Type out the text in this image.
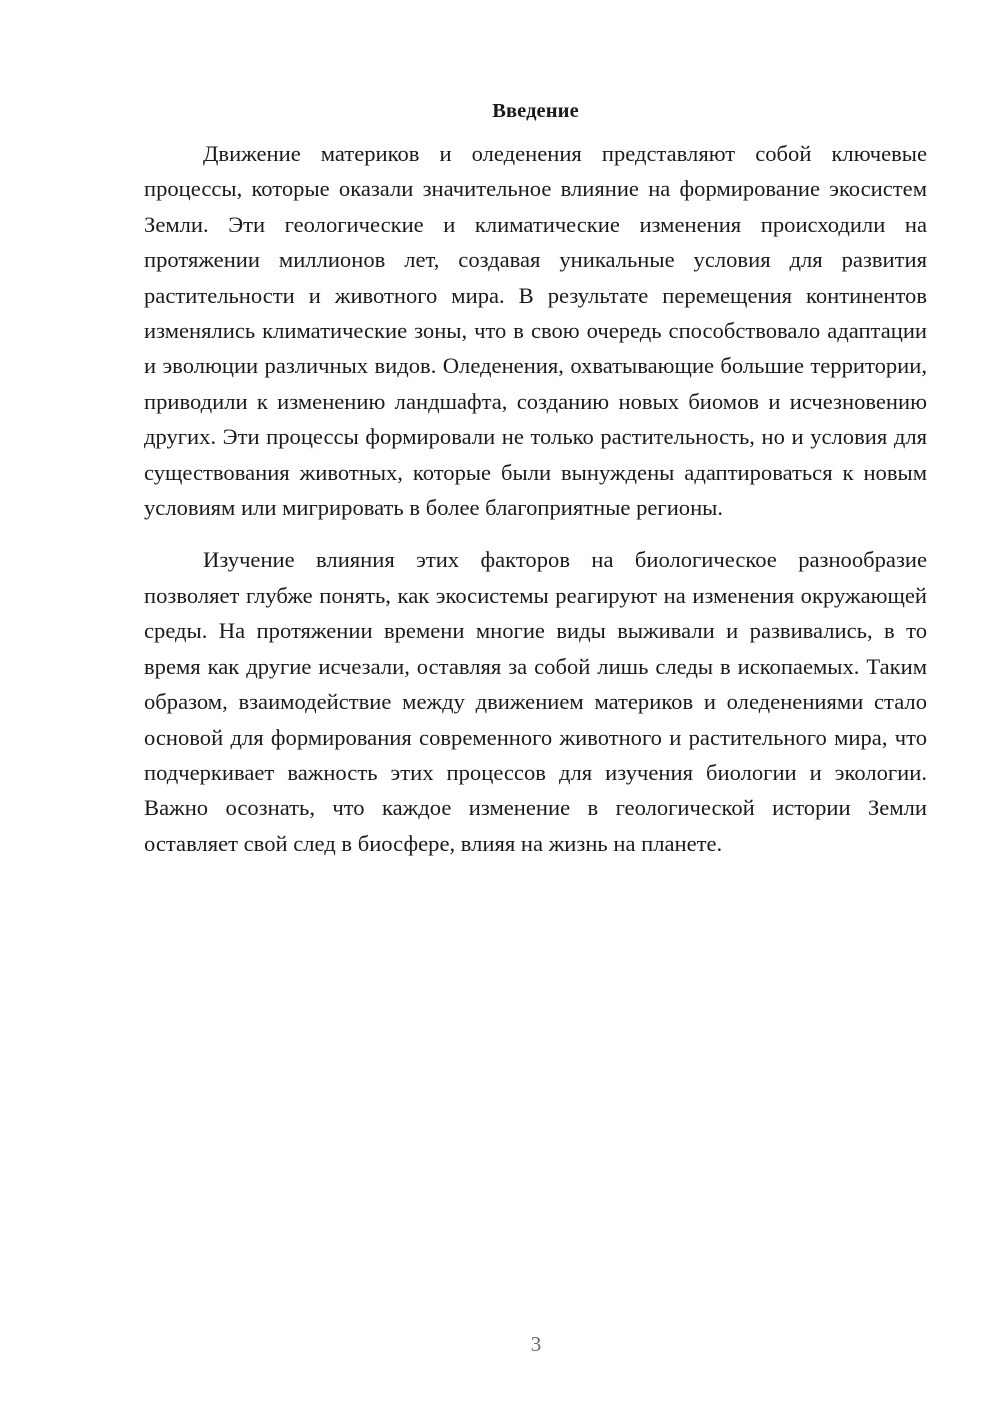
Введение

Движение материков и оледенения представляют собой ключевые процессы, которые оказали значительное влияние на формирование экосистем Земли. Эти геологические и климатические изменения происходили на протяжении миллионов лет, создавая уникальные условия для развития растительности и животного мира. В результате перемещения континентов изменялись климатические зоны, что в свою очередь способствовало адаптации и эволюции различных видов. Оледенения, охватывающие большие территории, приводили к изменению ландшафта, созданию новых биомов и исчезновению других. Эти процессы формировали не только растительность, но и условия для существования животных, которые были вынуждены адаптироваться к новым условиям или мигрировать в более благоприятные регионы.

Изучение влияния этих факторов на биологическое разнообразие позволяет глубже понять, как экосистемы реагируют на изменения окружающей среды. На протяжении времени многие виды выживали и развивались, в то время как другие исчезали, оставляя за собой лишь следы в ископаемых. Таким образом, взаимодействие между движением материков и оледенениями стало основой для формирования современного животного и растительного мира, что подчеркивает важность этих процессов для изучения биологии и экологии. Важно осознать, что каждое изменение в геологической истории Земли оставляет свой след в биосфере, влияя на жизнь на планете.

3
